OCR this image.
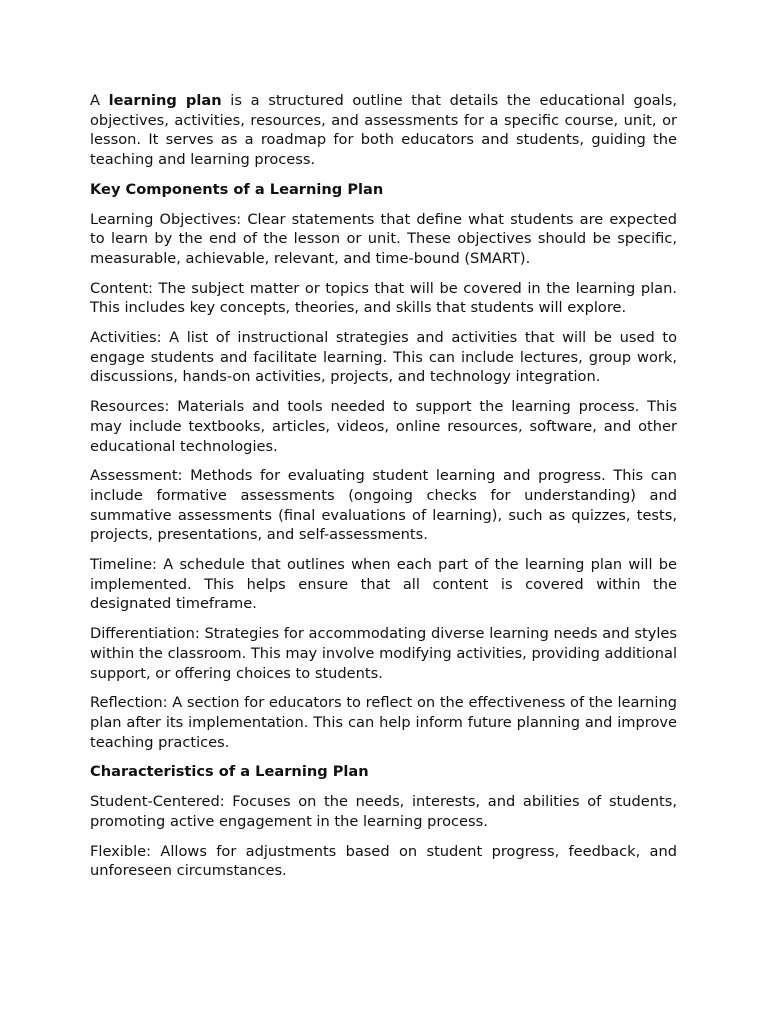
A learning plan is a structured outline that details the educational goals, objectives, activities, resources, and assessments for a specific course, unit, or lesson. It serves as a roadmap for both educators and students, guiding the teaching and learning process.

Key Components of a Learning Plan

Learning Objectives: Clear statements that define what students are expected to learn by the end of the lesson or unit. These objectives should be specific, measurable, achievable, relevant, and time-bound (SMART).

Content: The subject matter or topics that will be covered in the learning plan. This includes key concepts, theories, and skills that students will explore.

Activities: A list of instructional strategies and activities that will be used to engage students and facilitate learning. This can include lectures, group work, discussions, hands-on activities, projects, and technology integration.

Resources: Materials and tools needed to support the learning process. This may include textbooks, articles, videos, online resources, software, and other educational technologies.

Assessment: Methods for evaluating student learning and progress. This can include formative assessments (ongoing checks for understanding) and summative assessments (final evaluations of learning), such as quizzes, tests, projects, presentations, and self-assessments.

Timeline: A schedule that outlines when each part of the learning plan will be implemented. This helps ensure that all content is covered within the designated timeframe.

Differentiation: Strategies for accommodating diverse learning needs and styles within the classroom. This may involve modifying activities, providing additional support, or offering choices to students.

Reflection: A section for educators to reflect on the effectiveness of the learning plan after its implementation. This can help inform future planning and improve teaching practices.

Characteristics of a Learning Plan

Student-Centered: Focuses on the needs, interests, and abilities of students, promoting active engagement in the learning process.

Flexible: Allows for adjustments based on student progress, feedback, and unforeseen circumstances.
